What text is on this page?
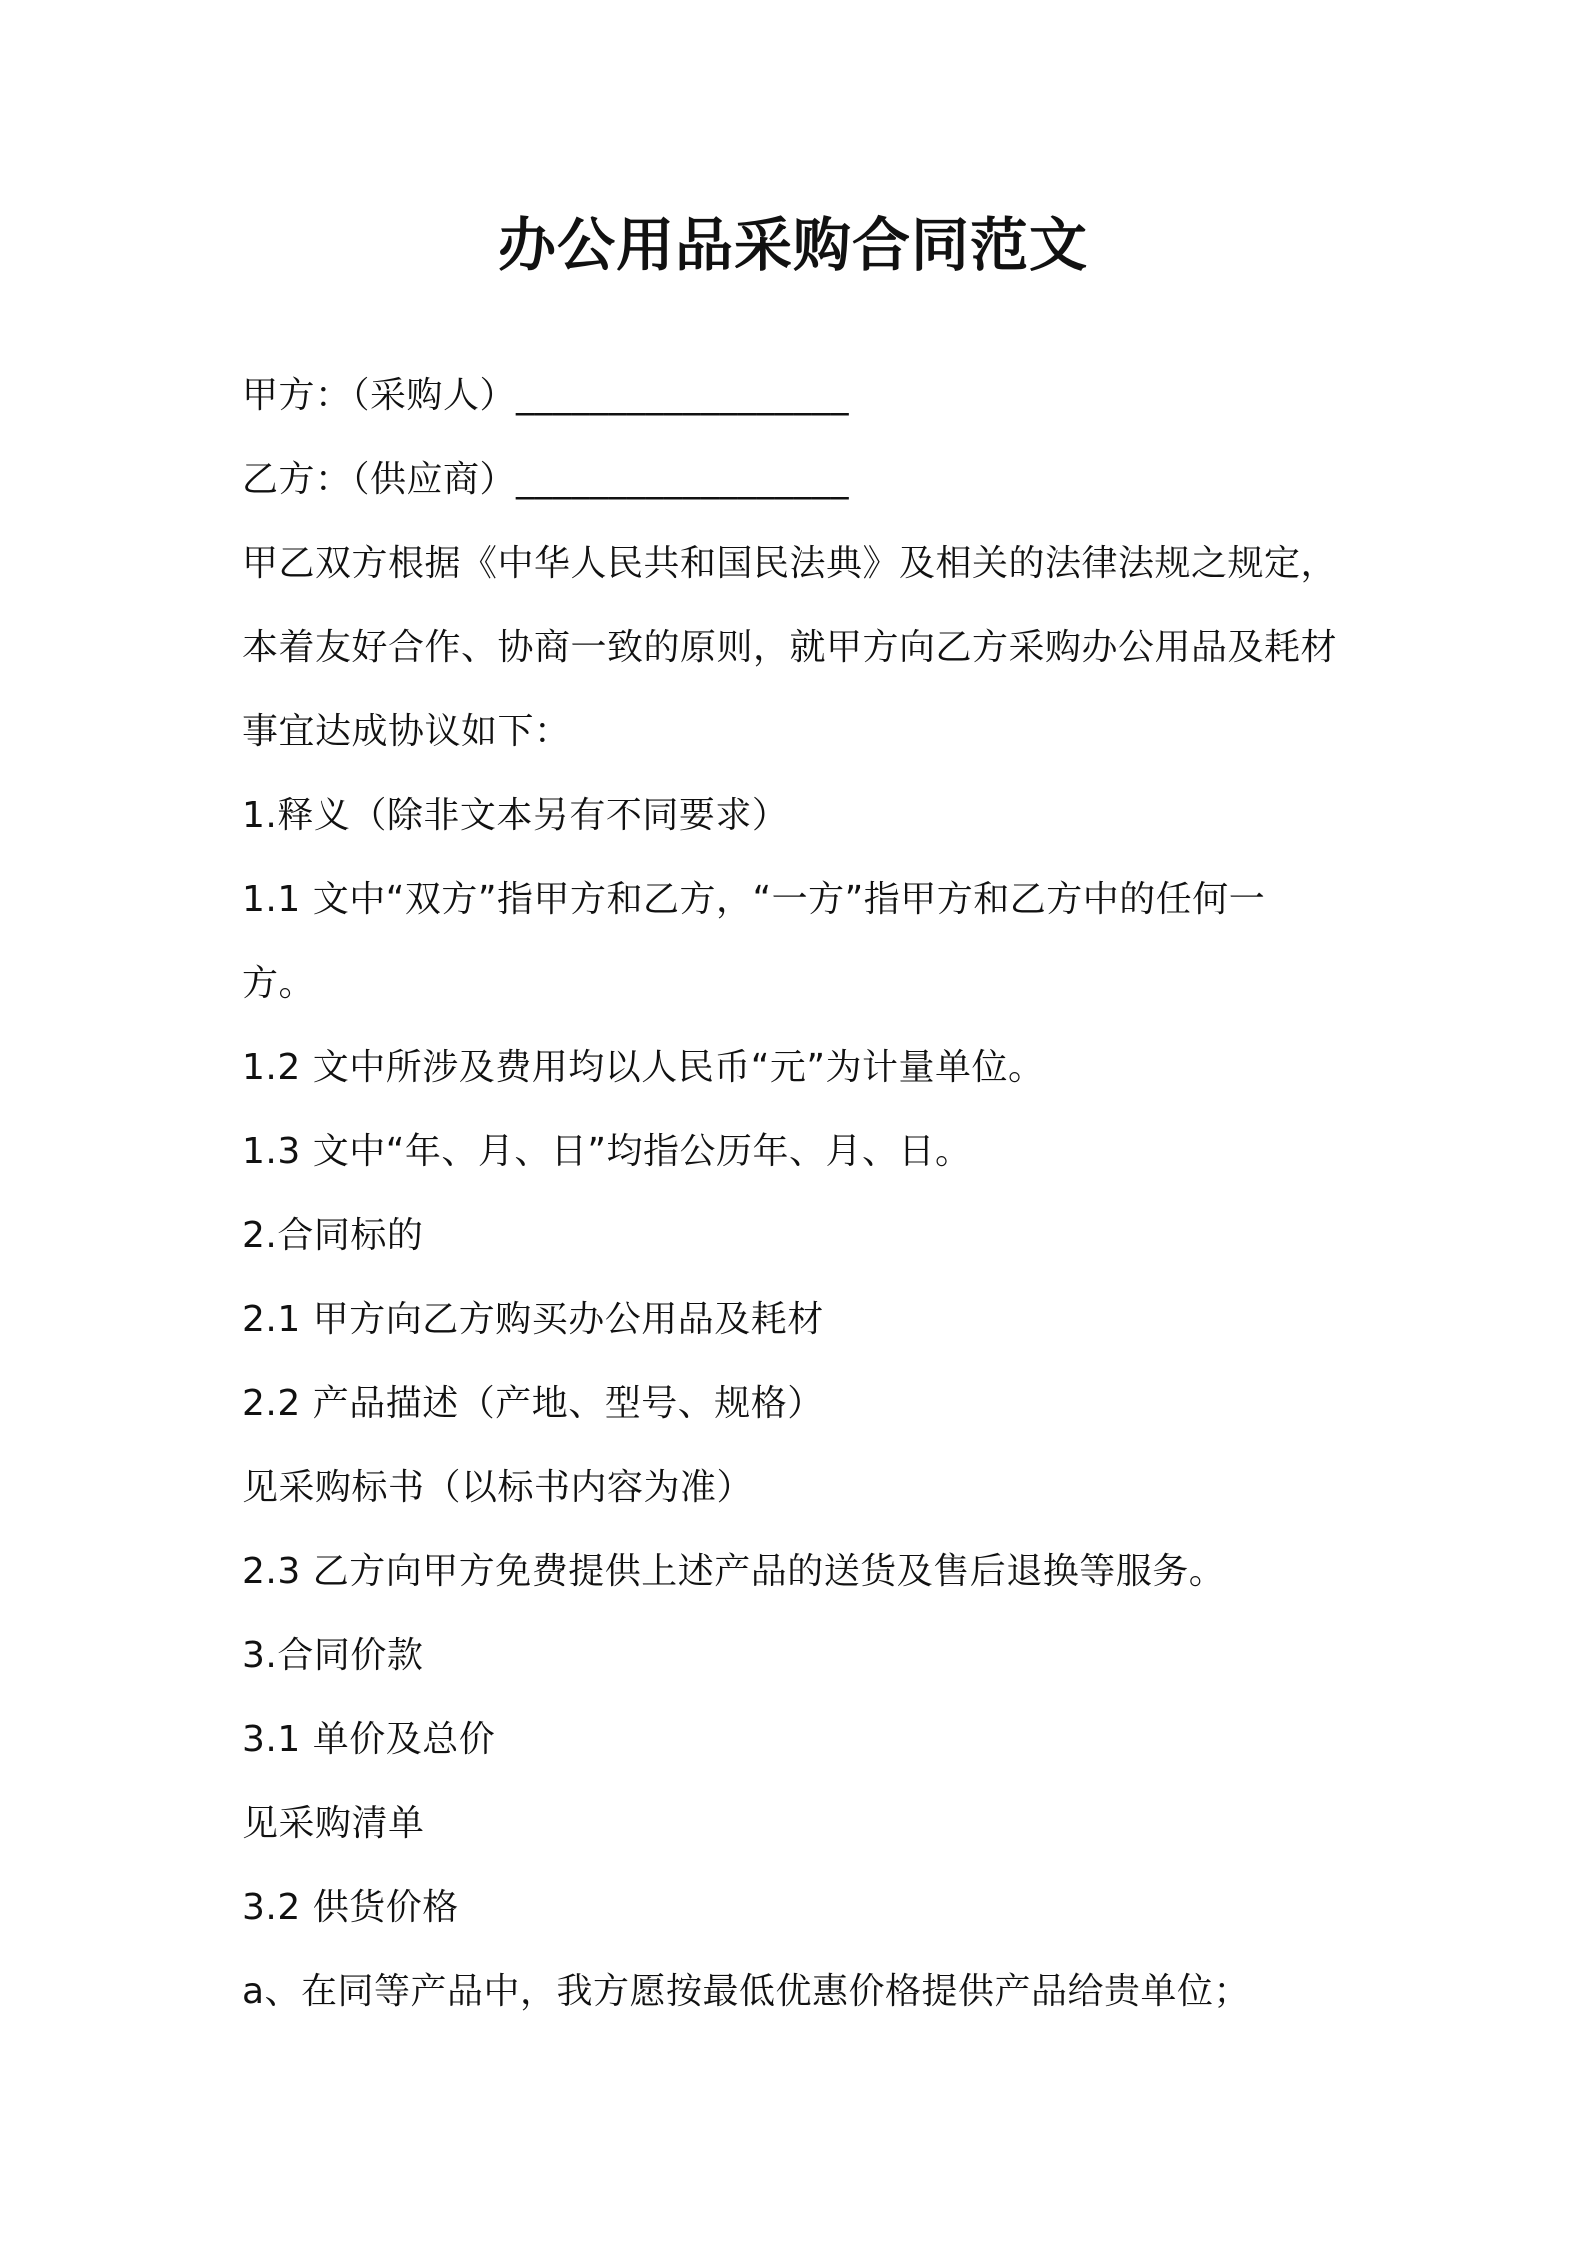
办公用品采购合同范文
甲方：（采购人）__________________
乙方：（供应商）__________________
甲乙双方根据《中华人民共和国民法典》及相关的法律法规之规定，
本着友好合作、协商一致的原则，就甲方向乙方采购办公用品及耗材
事宜达成协议如下：
1.释义（除非文本另有不同要求）
1.1 文中“双方”指甲方和乙方，“一方”指甲方和乙方中的任何一
方。
1.2 文中所涉及费用均以人民币“元”为计量单位。
1.3 文中“年、月、日”均指公历年、月、日。
2.合同标的
2.1 甲方向乙方购买办公用品及耗材
2.2 产品描述（产地、型号、规格）
见采购标书（以标书内容为准）
2.3 乙方向甲方免费提供上述产品的送货及售后退换等服务。
3.合同价款
3.1 单价及总价
见采购清单
3.2 供货价格
a、在同等产品中，我方愿按最低优惠价格提供产品给贵单位；
